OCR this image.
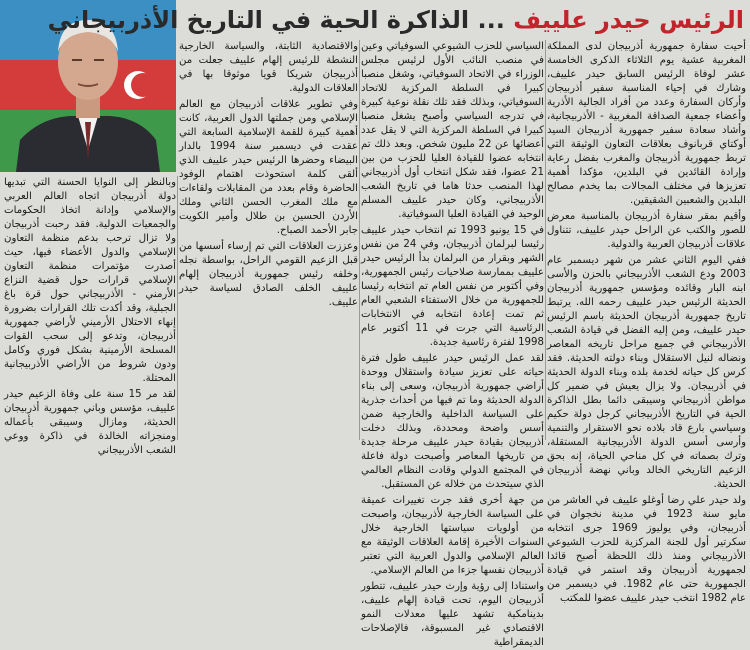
الرئيس حيدر علييف ... الذاكرة الحية في التاريخ الأذربيجاني

أحيت سفارة جمهورية أذربيجان لدى المملكة المغربية عشية يوم الثلاثاء الذكرى الخامسة عشر لوفاة الرئيس السابق حيدر علييف، وشارك في إحياء المناسبة سفير أذربيجان وأركان السفارة وعدد من أفراد الجالية الأذرية وأعضاء جمعية الصداقة المغربية - الأذربيجانية، وأشاد سعادة سفير جمهورية أذربيجان السيد أوكتاي قربانوف بعلاقات التعاون الوثيقة التي تربط جمهورية أذربيجان والمغرب بفضل رعاية وإرادة القائدين في البلدين، مؤكدا أهمية تعزيزها في مختلف المجالات بما يخدم مصالح البلدين والشعبين الشقيقين.

وأقيم بمقر سفارة أذربيجان بالمناسبة معرض للصور والكتب عن الراحل حيدر علييف، تتناول علاقات أذربيجان العربية والدولية.

ففي اليوم الثاني عشر من شهر ديسمبر عام 2003 ودع الشعب الأذربيجاني بالحزن والأسى ابنه البار وقائده ومؤسس جمهورية أذربيجان الحديثة الرئيس حيدر علييف رحمه الله. يرتبط تاريخ جمهورية أذربيجان الحديثة باسم الرئيس حيدر علييف، ومن إليه الفضل في قيادة الشعب الأذربيجاني في جميع مراحل تاريخه المعاصر ونضاله لنيل الاستقلال وبناء دولته الحديثة. فقد كرس كل حياته لخدمة بلده وبناء الدولة الحديثة في أذربيجان. ولا يزال يعيش في ضمير كل مواطن أذربيجاني وسيبقى دائما بطل الذاكرة الحية في التاريخ الأذربيجاني كرجل دولة حكيم وسياسي بارع قاد بلاده نحو الاستقرار والتنمية وأرسى أسس الدولة الأذربيجانية المستقلة، وترك بصماته في كل مناحي الحياة، إنه بحق الزعيم التاريخي الخالد وباني نهضة أذربيجان الحديثة.

ولد حيدر علي رضا أوغلو علييف في العاشر من مايو سنة 1923 في مدينة نخجوان في أذربيجان، وفي يوليوز 1969 جرى انتخابه سكرتير أول للجنة المركزية للحزب الشيوعي الأذربيجاني ومنذ ذلك اللحظة أصبح قائدا لجمهورية أذربيجان وقد استمر في قيادة الجمهورية حتى عام 1982. في ديسمبر من عام 1982 انتخب حيدر علييف عضوا للمكتب

السياسي للحزب الشيوعي السوفياتي وعين في منصب النائب الأول لرئيس مجلس الوزراء في الاتحاد السوفياتي، وشغل منصبا كبيرا في السلطة المركزية للاتحاد السوفياتي، وبذلك فقد تلك نقلة نوعية كبيرة في تدرجه السياسي وأصبح يشغل منصبا كبيرا في السلطة المركزية التي لا يقل عدد أعضائها عن 22 مليون شخص. وبعد ذلك تم انتخابه عضوا للقيادة العليا للحزب من بين 21 عضوا، فقد شكل انتخاب أول أذربيجاني لهذا المنصب حدثا هاما في تاريخ الشعب الأذربيجاني، وكان حيدر علييف المسلم الوحيد في القيادة العليا السوفياتية.

في 15 يونيو 1993 تم انتخاب حيدر علييف رئيسا لبرلمان أذربيجان، وفي 24 من نفس الشهر وبقرار من البرلمان بدأ الرئيس حيدر علييف بممارسة صلاحيات رئيس الجمهورية، وفي أكتوبر من نفس العام تم انتخابه رئيسا للجمهورية من خلال الاستفتاء الشعبي العام ثم تمت إعادة انتخابه في الانتخابات الرئاسية التي جرت في 11 أكتوبر عام 1998 لفترة رئاسية جديدة.

لقد عمل الرئيس حيدر علييف طول فترة حياته على تعزيز سيادة واستقلال ووحدة أراضي جمهورية أذربيجان، وسعى إلى بناء الدولة الحديثة وما تم فيها من أحداث جذرية على السياسة الداخلية والخارجية ضمن أسس واضحة ومحددة، وبذلك دخلت أذربيجان بقيادة حيدر علييف مرحلة جديدة من تاريخها المعاصر وأصبحت دولة فاعلة في المجتمع الدولي وقادت النظام العالمي الذي سيتحدث من خلاله عن المستقبل.

من جهة أخرى فقد جرت تغييرات عميقة على السياسة الخارجية لأذربيجان، واصبحت من أولويات سياستها الخارجية خلال السنوات الأخيرة إقامة العلاقات الوثيقة مع العالم الإسلامي والدول العربية التي تعتبر أذربيجان نفسها جزءا من العالم الإسلامي.

واستنادا إلى رؤية وإرث حيدر علييف، تتطور أذربيجان اليوم، تحت قيادة إلهام علييف، بدينامكية تشهد عليها معدلات النمو الاقتصادي غير المسبوقة، فالإصلاحات الديمقراطية

والاقتصادية الثابتة، والسياسة الخارجية النشطة للرئيس إلهام علييف جعلت من أذربيجان شريكا قويا موثوقا بها في العلاقات الدولية.

وفي تطوير علاقات أذربيجان مع العالم الإسلامي ومن جملتها الدول العربية، كانت أهمية كبيرة للقمة الإسلامية السابعة التي عقدت في ديسمبر سنة 1994 بالدار البيضاء وحضرها الرئيس حيدر علييف الذي ألقى كلمة استحوذت اهتمام الوفود الحاضرة وقام بعدد من المقابلات ولقاءات مع ملك المغرب الحسن الثاني وملك الأردن الحسين بن طلال وأمير الكويت جابر الأحمد الصباح.

وعززت العلاقات التي تم إرساء أسسها من قبل الزعيم القومي الراحل، بواسطة نجله وخلفه رئيس جمهورية أذربيجان إلهام علييف الخلف الصادق لسياسة حيدر علييف.

وبالنظر إلى النوايا الحسنة التي تبديها دولة أذربيجان اتجاه العالم العربي والإسلامي وإدانة اتخاذ الحكومات والجمعيات الدولية. فقد رحبت أذربيجان ولا تزال ترحب بدعم منظمة التعاون الإسلامي والدول الأعضاء فيها، حيث أصدرت مؤتمرات منظمة التعاون الإسلامي قرارات حول قضية النزاع الأرمني - الأذربيجاني حول قرة باغ الجبلية، وقد أكدت تلك القرارات بضرورة إنهاء الاحتلال الأرميني لأراضي جمهورية أذربيجان، وتدعو إلى سحب القوات المسلحة الأرمينية بشكل فوري وكامل ودون شروط من الأراضي الأذربيجانية المحتلة.

لقد مر 15 سنة على وفاة الزعيم حيدر علييف، مؤسس وباني جمهورية أذربيجان الحديثة، ومازال وسيبقى بأعماله ومنجزاته الخالدة في ذاكرة ووعي الشعب الأذربيجاني
